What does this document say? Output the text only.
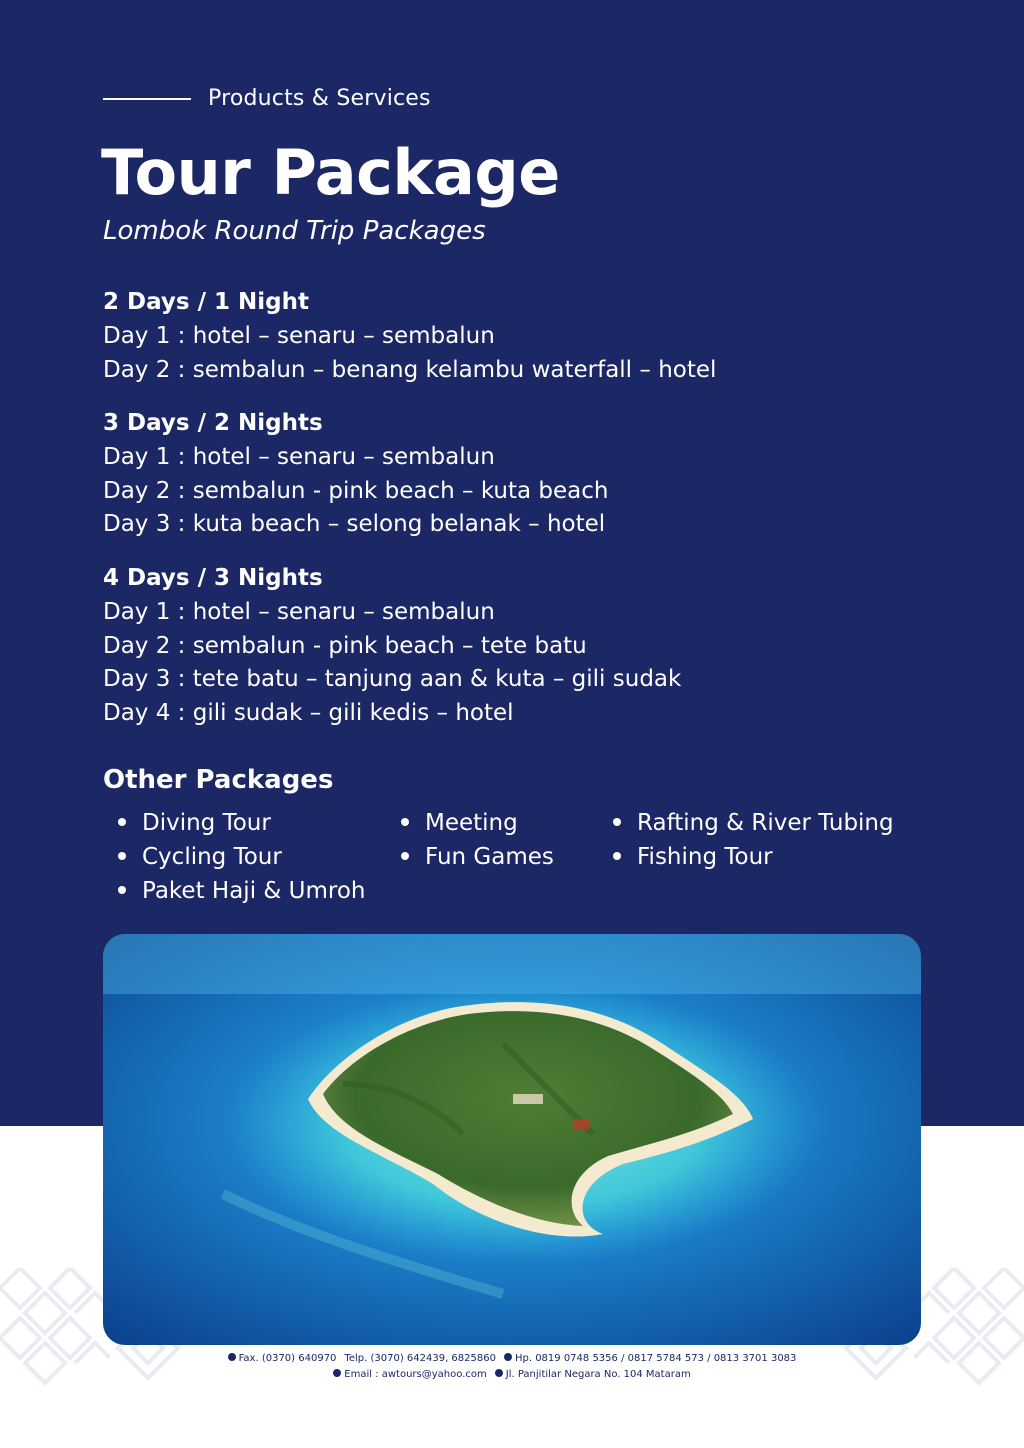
Products & Services
Tour Package
Lombok Round Trip Packages
2 Days / 1 Night
Day 1 : hotel – senaru – sembalun
Day 2 : sembalun – benang kelambu waterfall – hotel
3 Days / 2 Nights
Day 1 : hotel – senaru – sembalun
Day 2 : sembalun - pink beach – kuta beach
Day 3 : kuta beach – selong belanak – hotel
4 Days / 3 Nights
Day 1 : hotel – senaru – sembalun
Day 2 : sembalun - pink beach – tete batu
Day 3 : tete batu – tanjung aan & kuta – gili sudak
Day 4 : gili sudak – gili kedis – hotel
Other Packages
Diving Tour
Cycling Tour
Paket Haji & Umroh
Meeting
Fun Games
Rafting & River Tubing
Fishing Tour
Fax. (0370) 640970 Telp. (3070) 642439, 6825860 Hp. 0819 0748 5356 / 0817 5784 573 / 0813 3701 3083
Email : awtours@yahoo.com Jl. Panjitilar Negara No. 104 Mataram
